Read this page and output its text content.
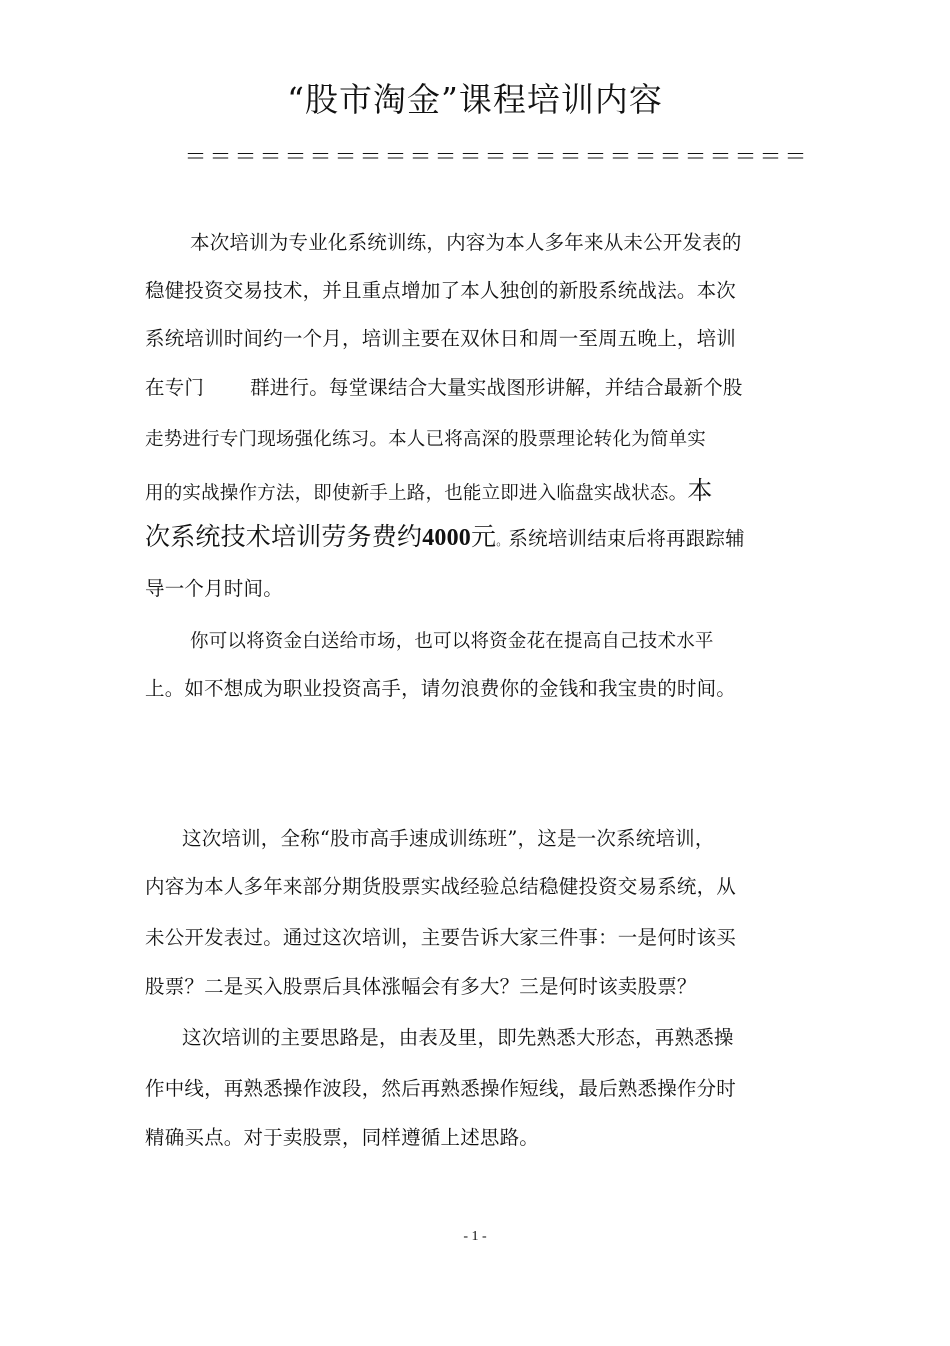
“股市淘金”课程培训内容
＝＝＝＝＝＝＝＝＝＝＝＝＝＝＝＝＝＝＝＝＝＝＝＝＝
本次培训为专业化系统训练，内容为本人多年来从未公开发表的
稳健投资交易技术，并且重点增加了本人独创的新股系统战法。本次
系统培训时间约一个月，培训主要在双休日和周一至周五晚上，培训
在专门 群进行。每堂课结合大量实战图形讲解，并结合最新个股
走势进行专门现场强化练习。本人已将高深的股票理论转化为简单实
用的实战操作方法，即使新手上路，也能立即进入临盘实战状态。本
次系统技术培训劳务费约4000元。系统培训结束后将再跟踪辅
导一个月时间。
你可以将资金白送给市场，也可以将资金花在提高自己技术水平
上。如不想成为职业投资高手，请勿浪费你的金钱和我宝贵的时间。
这次培训，全称“股市高手速成训练班”，这是一次系统培训，
内容为本人多年来部分期货股票实战经验总结稳健投资交易系统，从
未公开发表过。通过这次培训，主要告诉大家三件事：一是何时该买
股票？二是买入股票后具体涨幅会有多大？三是何时该卖股票？
这次培训的主要思路是，由表及里，即先熟悉大形态，再熟悉操
作中线，再熟悉操作波段，然后再熟悉操作短线，最后熟悉操作分时
精确买点。对于卖股票，同样遵循上述思路。
- 1 -
